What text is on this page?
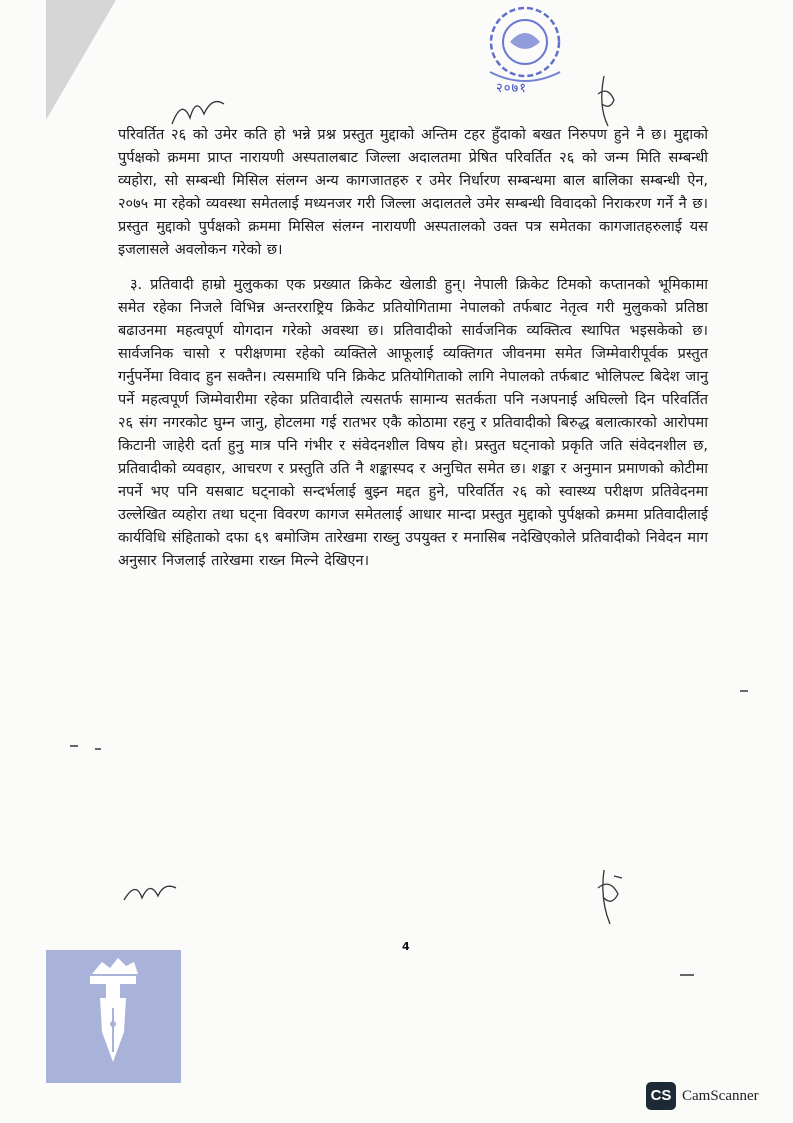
२०७१

परिवर्तित २६ को उमेर कति हो भन्ने प्रश्न प्रस्तुत मुद्दाको अन्तिम टहर हुँदाको बखत निरुपण हुने नै छ। मुद्दाको पुर्पक्षको क्रममा प्राप्त नारायणी अस्पतालबाट जिल्ला अदालतमा प्रेषित परिवर्तित २६ को जन्म मिति सम्बन्धी व्यहोरा, सो सम्बन्धी मिसिल संलग्न अन्य कागजातहरु र उमेर निर्धारण सम्बन्धमा बाल बालिका सम्बन्धी ऐन, २०७५ मा रहेको व्यवस्था समेतलाई मध्यनजर गरी जिल्ला अदालतले उमेर सम्बन्धी विवादको निराकरण गर्ने नै छ। प्रस्तुत मुद्दाको पुर्पक्षको क्रममा मिसिल संलग्न नारायणी अस्पतालको उक्त पत्र समेतका कागजातहरुलाई यस इजलासले अवलोकन गरेको छ।

३. प्रतिवादी हाम्रो मुलुकका एक प्रख्यात क्रिकेट खेलाडी हुन्। नेपाली क्रिकेट टिमको कप्तानको भूमिकामा समेत रहेका निजले विभिन्न अन्तरराष्ट्रिय क्रिकेट प्रतियोगितामा नेपालको तर्फबाट नेतृत्व गरी मुलुकको प्रतिष्ठा बढाउनमा महत्वपूर्ण योगदान गरेको अवस्था छ। प्रतिवादीको सार्वजनिक व्यक्तित्व स्थापित भइसकेको छ। सार्वजनिक चासो र परीक्षणमा रहेको व्यक्तिले आफूलाई व्यक्तिगत जीवनमा समेत जिम्मेवारीपूर्वक प्रस्तुत गर्नुपर्नेमा विवाद हुन सक्तैन। त्यसमाथि पनि क्रिकेट प्रतियोगिताको लागि नेपालको तर्फबाट भोलिपल्ट बिदेश जानु पर्ने महत्वपूर्ण जिम्मेवारीमा रहेका प्रतिवादीले त्यसतर्फ सामान्य सतर्कता पनि नअपनाई अघिल्लो दिन परिवर्तित २६ संग नगरकोट घुम्न जानु, होटलमा गई रातभर एकै कोठामा रहनु र प्रतिवादीको बिरुद्ध बलात्कारको आरोपमा किटानी जाहेरी दर्ता हुनु मात्र पनि गंभीर र संवेदनशील विषय हो। प्रस्तुत घट्नाको प्रकृति जति संवेदनशील छ, प्रतिवादीको व्यवहार, आचरण र प्रस्तुति उति नै शङ्कास्पद र अनुचित समेत छ। शङ्का र अनुमान प्रमाणको कोटीमा नपर्ने भए पनि यसबाट घट्नाको सन्दर्भलाई बुझ्न मद्दत हुने, परिवर्तित २६ को स्वास्थ्य परीक्षण प्रतिवेदनमा उल्लेखित व्यहोरा तथा घट्ना विवरण कागज समेतलाई आधार मान्दा प्रस्तुत मुद्दाको पुर्पक्षको क्रममा प्रतिवादीलाई कार्यविधि संहिताको दफा ६९ बमोजिम तारेखमा राख्नु उपयुक्त र मनासिब नदेखिएकोले प्रतिवादीको निवेदन माग अनुसार निजलाई तारेखमा राख्न मिल्ने देखिएन।

4
CS CamScanner
